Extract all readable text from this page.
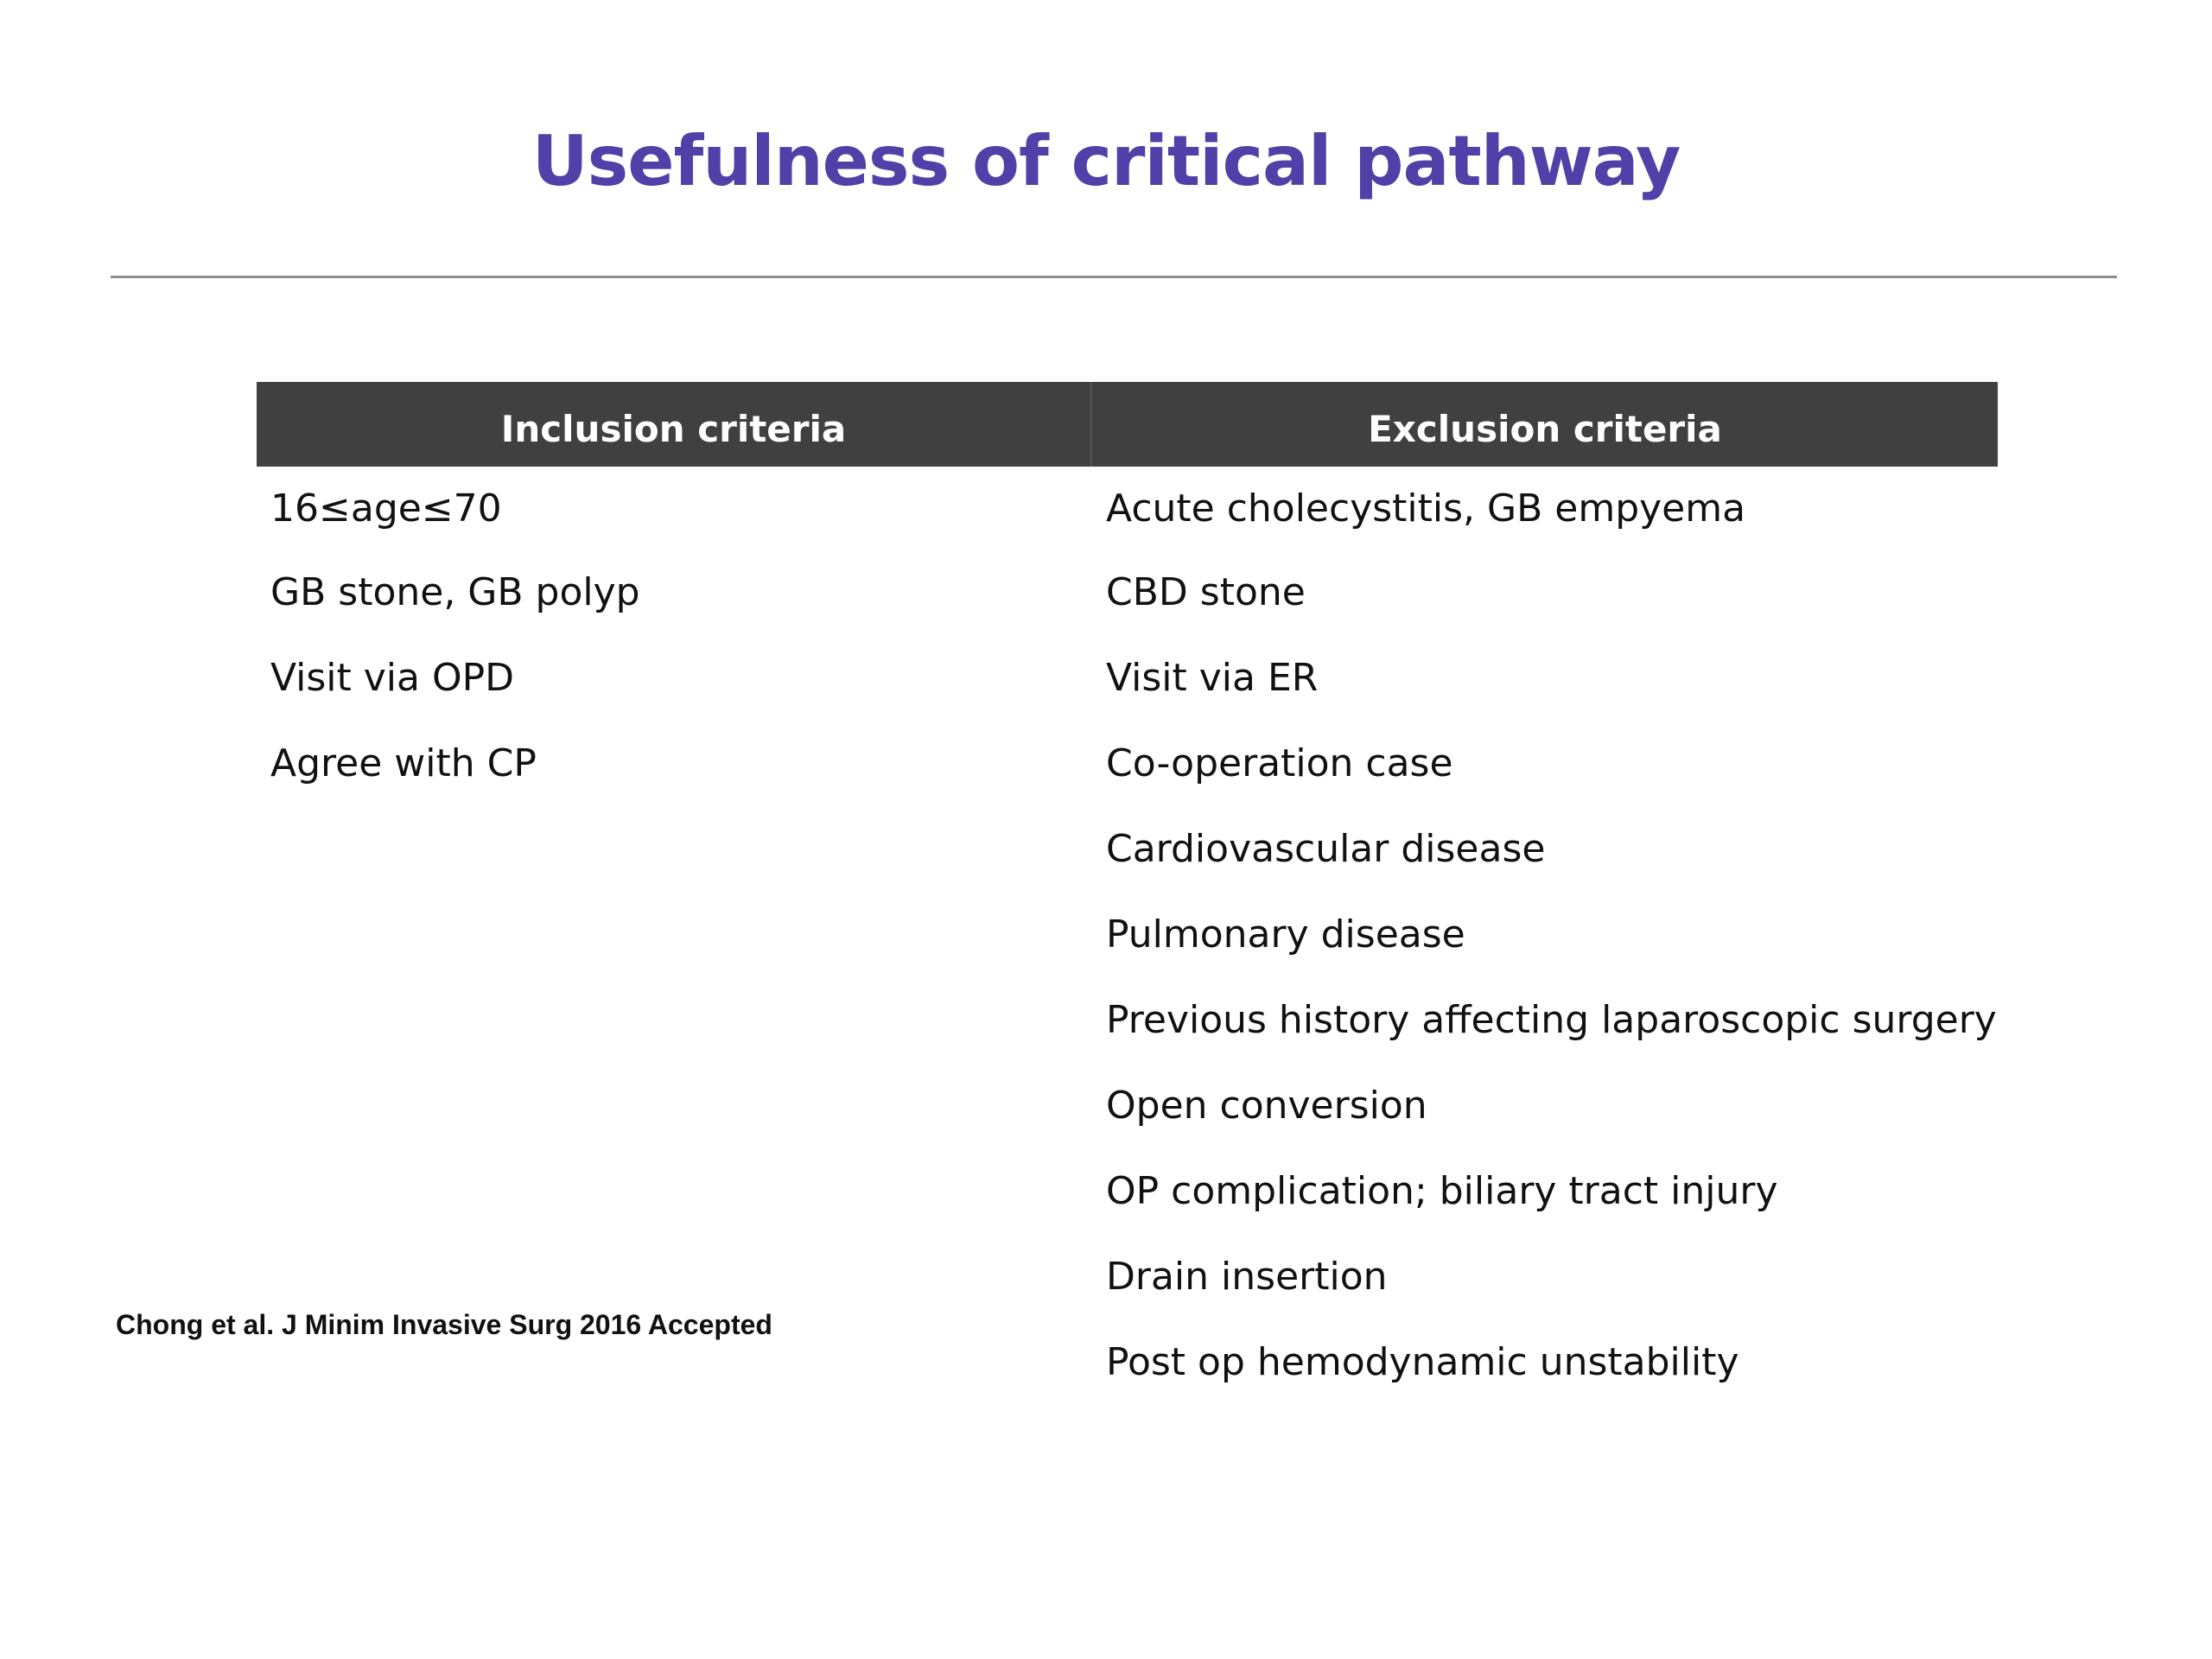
Usefulness of critical pathway
Inclusion criteria	Exclusion criteria
16≤age≤70
GB stone, GB polyp
Visit via OPD
Agree with CP
Acute cholecystitis, GB empyema
CBD stone
Visit via ER
Co-operation case
Cardiovascular disease
Pulmonary disease
Previous history affecting laparoscopic surgery
Open conversion
OP complication; biliary tract injury
Drain insertion
Post op hemodynamic unstability
Chong et al. J Minim Invasive Surg 2016 Accepted
